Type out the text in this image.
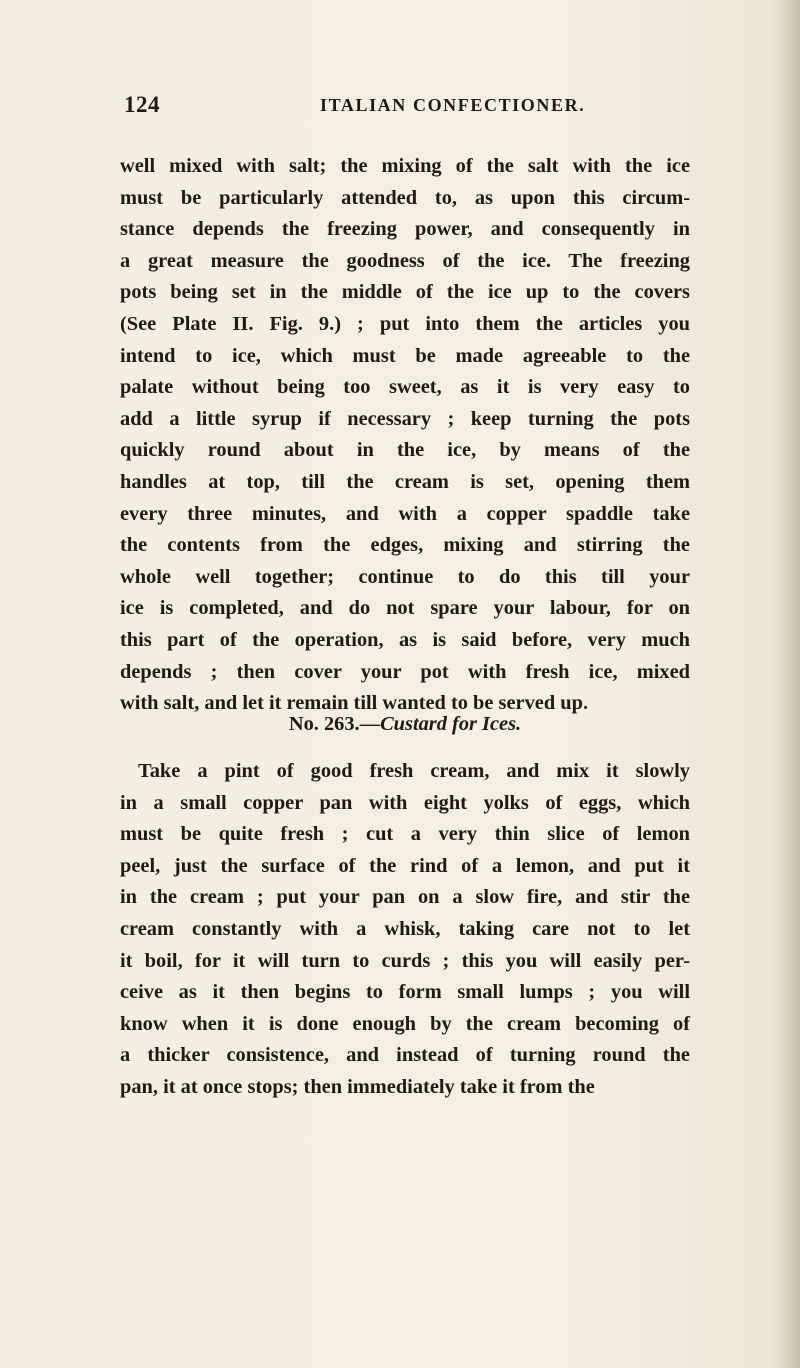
124	ITALIAN CONFECTIONER.
well mixed with salt; the mixing of the salt with the ice
must be particularly attended to, as upon this circum-
stance depends the freezing power, and consequently in
a great measure the goodness of the ice. The freezing
pots being set in the middle of the ice up to the covers
(See Plate II. Fig. 9.) ; put into them the articles you
intend to ice, which must be made agreeable to the
palate without being too sweet, as it is very easy to
add a little syrup if necessary ; keep turning the pots
quickly round about in the ice, by means of the
handles at top, till the cream is set, opening them
every three minutes, and with a copper spaddle take
the contents from the edges, mixing and stirring the
whole well together; continue to do this till your
ice is completed, and do not spare your labour, for on
this part of the operation, as is said before, very much
depends ; then cover your pot with fresh ice, mixed
with salt, and let it remain till wanted to be served up.
No. 263.—Custard for Ices.
Take a pint of good fresh cream, and mix it slowly
in a small copper pan with eight yolks of eggs, which
must be quite fresh ; cut a very thin slice of lemon
peel, just the surface of the rind of a lemon, and put it
in the cream ; put your pan on a slow fire, and stir the
cream constantly with a whisk, taking care not to let
it boil, for it will turn to curds ; this you will easily per-
ceive as it then begins to form small lumps ; you will
know when it is done enough by the cream becoming of
a thicker consistence, and instead of turning round the
pan, it at once stops; then immediately take it from the
